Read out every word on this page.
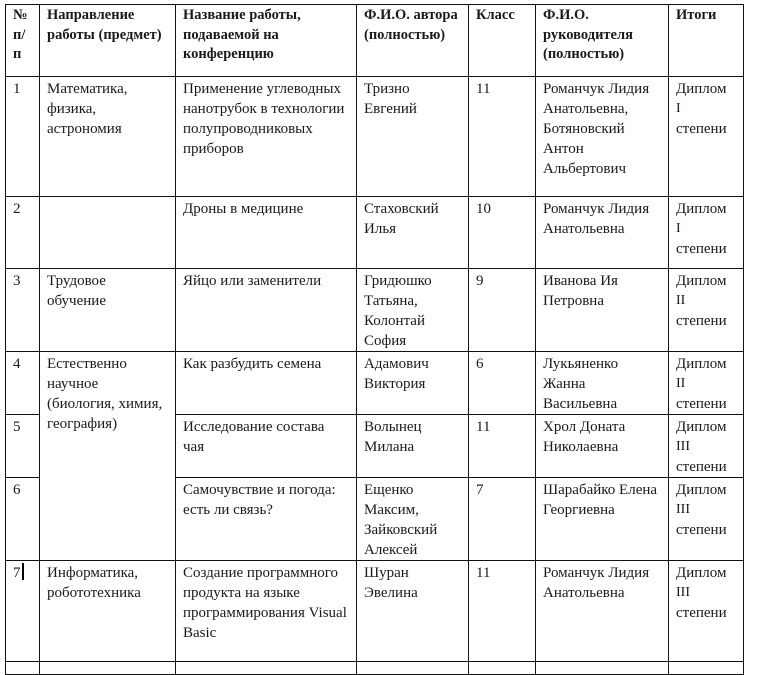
№
п/
п	Направление работы (предмет)	Название работы, подаваемой на конференцию	Ф.И.О. автора (полностью)	Класс	Ф.И.О. руководителя (полностью)	Итоги
1	Математика, физика, астрономия	Применение углеводных нанотрубок в технологии полупроводниковых приборов	Тризно Евгений	11	Романчук Лидия Анатольевна, Ботяновский Антон Альбертович	Диплом
I
степени

2		Дроны в медицине	Стаховский Илья	10	Романчук Лидия Анатольевна	Диплом
I
степени

3	Трудовое обучение	Яйцо или заменители	Гридюшко Татьяна, Колонтай София	9	Иванова Ия Петровна	Диплом
II
степени

4	Естественно научное (биология, химия, география)	Как разбудить семена	Адамович Виктория	6	Лукьяненко Жанна Васильевна	Диплом
II
степени

5		Исследование состава чая	Волынец Милана	11	Хрол Доната Николаевна	Диплом
III
степени

6		Самочувствие и погода: есть ли связь?	Ещенко Максим, Зайковский Алексей	7	Шарабайко Елена Георгиевна	Диплом
III
степени

7	Информатика, робототехника	Создание программного продукта на языке программирования Visual Basic	Шуран Эвелина	11	Романчук Лидия Анатольевна	Диплом
III
степени
